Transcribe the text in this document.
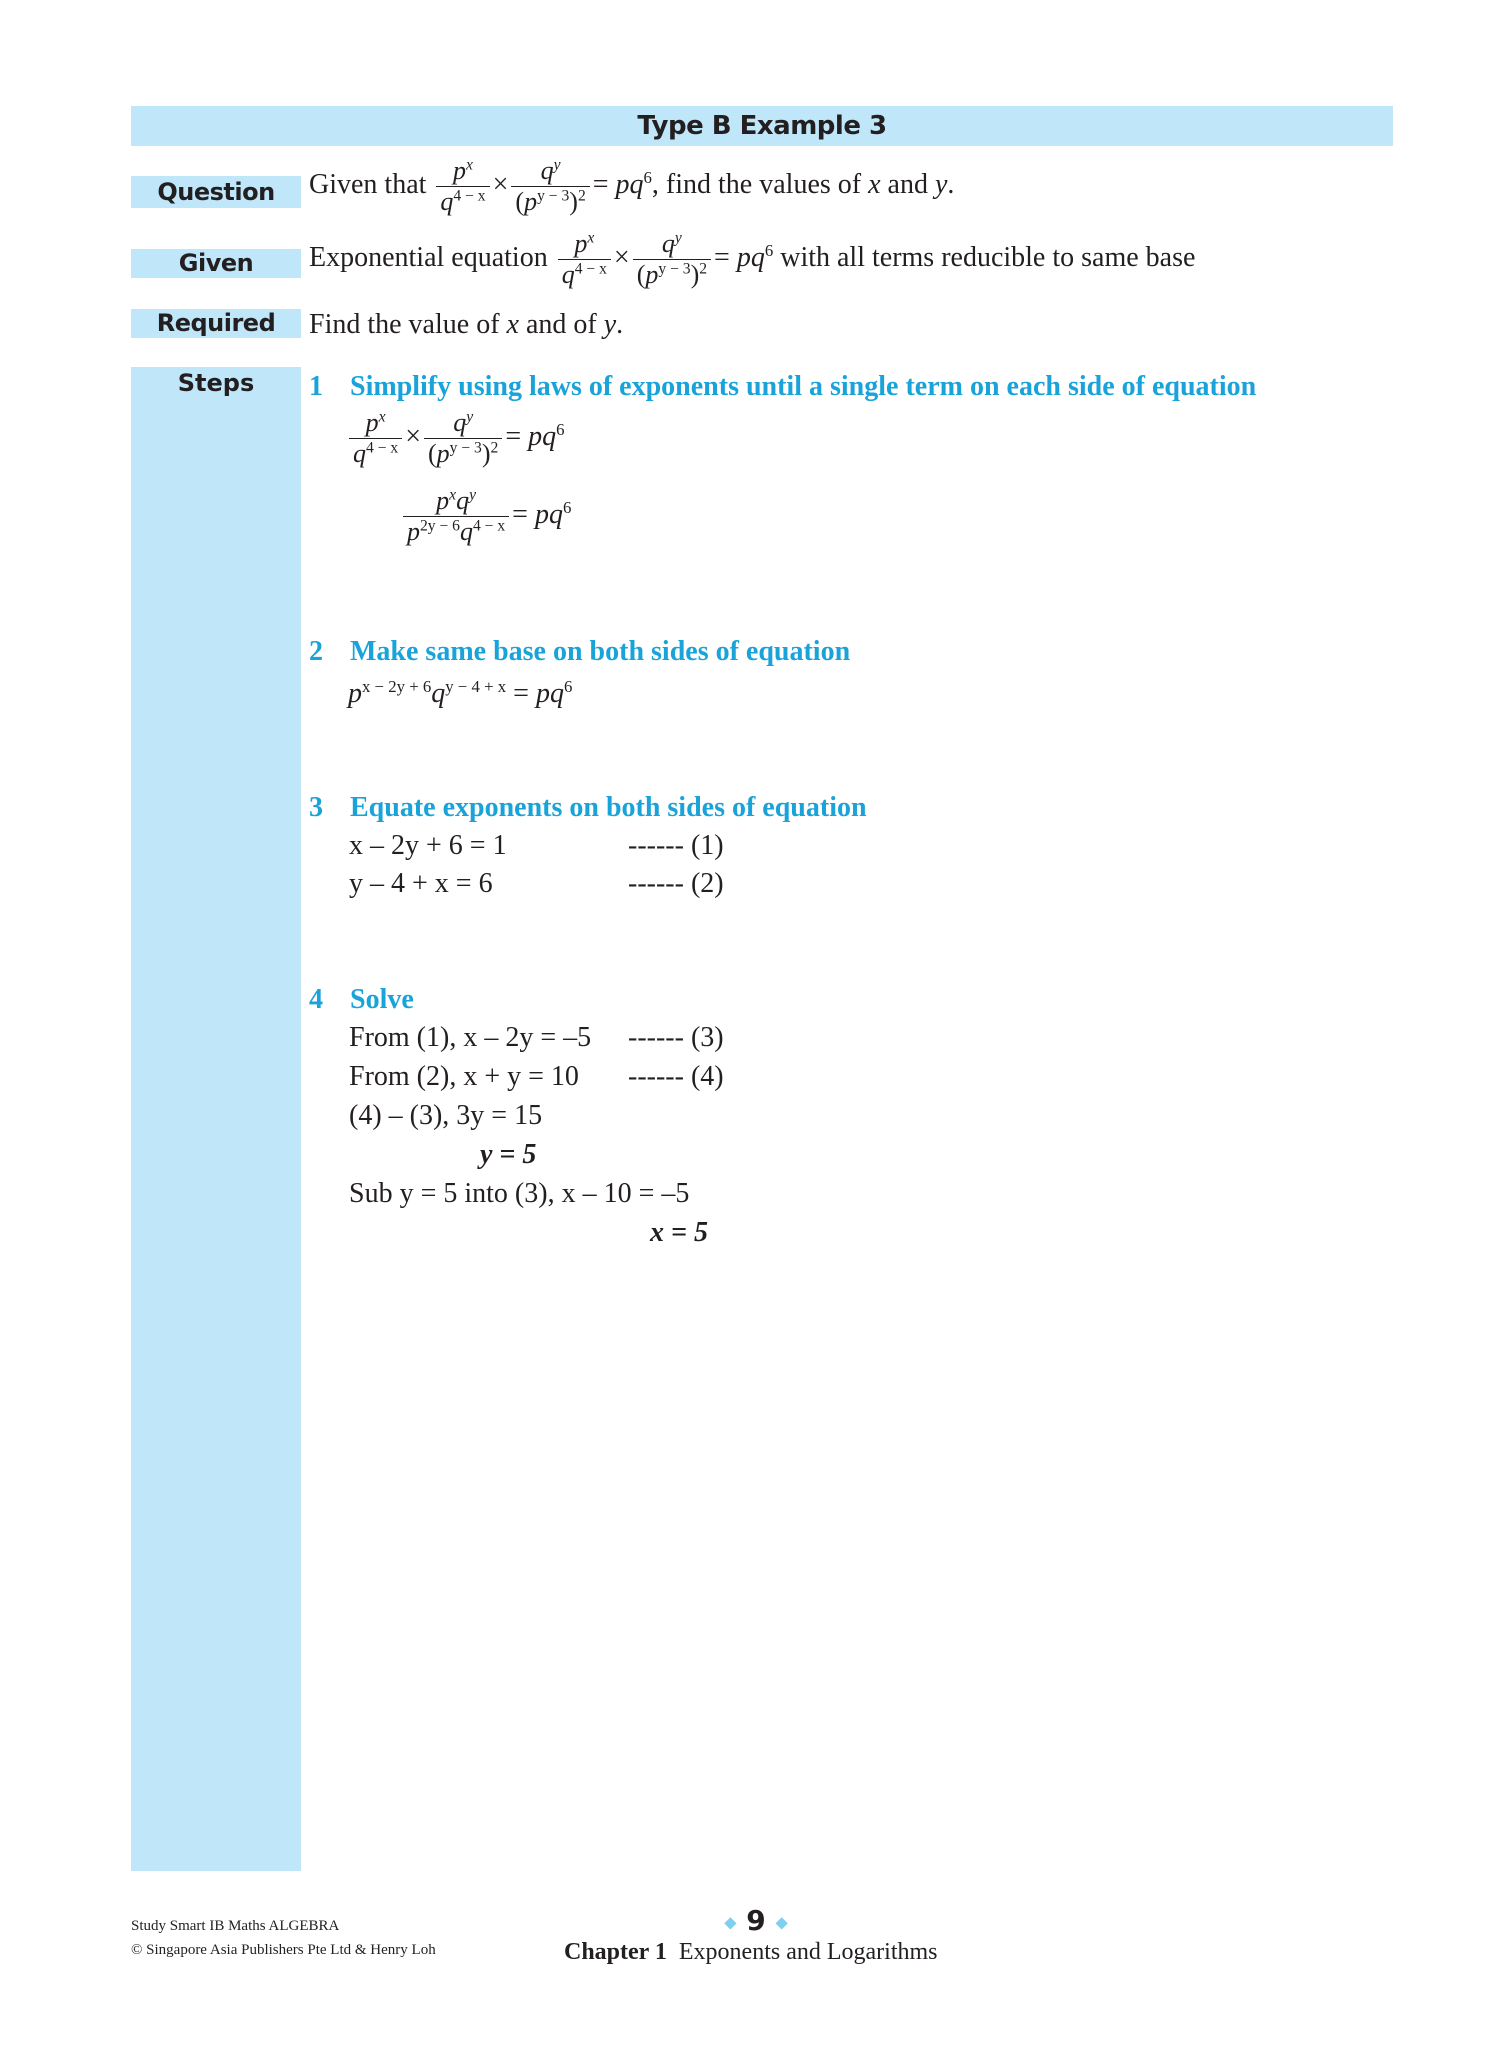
Type B Example 3
Question	Given that $\frac{p^x}{q^{4 - x}} \times \frac{q^y}{(p^{y - 3})^2} = pq^6$, find the values of x and y.
Given	Exponential equation $\frac{p^x}{q^{4 - x}} \times \frac{q^y}{(p^{y - 3})^2} = pq^6$ with all terms reducible to same base
Required	Find the value of x and of y.
Steps	1 Simplify using laws of exponents until a single term on each side of equation
$\frac{p^x}{q^{4 - x}} \times \frac{q^y}{(p^{y - 3})^2} = pq^6$
$\frac{p^xq^y}{p^{2y - 6}q^{4 - x}} = pq^6$
2 Make same base on both sides of equation
$p^{x - 2y + 6}q^{y - 4 + x} = pq^6$
3 Equate exponents on both sides of equation
x – 2y + 6 = 1	------ (1)
y – 4 + x = 6	------ (2)
4 Solve
From (1), x – 2y = –5 ------ (3)
From (2), x + y = 10 ------ (4)
(4) – (3), 3y = 15
y = 5
Sub y = 5 into (3), x – 10 = –5
x = 5
Study Smart IB Maths ALGEBRA
© Singapore Asia Publishers Pte Ltd & Henry Loh
◆ 9 ◆
Chapter 1 Exponents and Logarithms
